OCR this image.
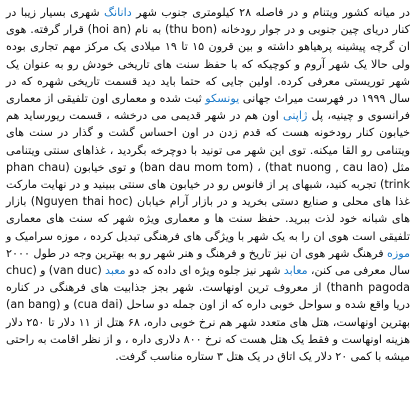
در میانه کشور ویتنام و در فاصله ۲۸ کیلومتری جنوب شهر دانانگ شهری بسیار زیبا در کنار دریای چین جنوبی و در جوار رودخانه (thu bon) به نام (hoi an) قرار گرفته. هوی ان گرچه پیشینه پرهیاهو داشته و بین قرون ۱۵ تا ۱۹ میلادی یک مرکز مهم تجاری بوده ولی حالا یک شهر آروم و کوچیکه که با حفظ سنت های تاریخی خودش رو به عنوان یک شهر توریستی معرفی کرده. اولین جایی که حتما باید دید قسمت تاریخی شهره که در سال ۱۹۹۹ در فهرست میراث جهانی یونسکو ثبت شده و معماری اون تلفیقی از معماری فرانسوی و چینیه، پل ژاپنی اون هم در شهر قدیمی می درخشه ، قسمت ریورساید هم خیابون کنار رودخونه هست که قدم زدن در اون احساس گشت و گذار در سنت های ویتنامی رو القا میکنه. توی این شهر می تونید با دوچرخه بگردید ، غذاهای سنتی ویتنامی مثل (that nuong , cau lao) ، (ban dau mom tom) و توی خیابون (phan chau trink) تجربه کنید، شبهای پر از فانوس رو در خیابون های سنتی ببینید و در نهایت مارکت غذا های محلی و صنایع دستی بخرید و در بازار آرام خیابان (Nguyen thai hoc) بازار های شبانه خود لذت ببرید. حفظ سنت ها و معماری ویژه شهر که سنت های معماری تلفیقی است هوی ان را به یک شهر با ویژگی های فرهنگی تبدیل کرده ، موزه سرامیک و موزه فرهنگ شهر هوی ان نیز تاریخ و فرهنگ و هنر شهر رو به بهترین وجه در طول ۲۰۰۰ سال معرفی می کنن، معابد شهر نیز جلوه ویژه ای داده که دو معبد (van duc) و (chuc thanh pagoda) از معروف ترین اونهاست. شهر بجز جذابیت های فرهنگی در کناره دریا واقع شده و سواحل خوبی داره که از اون جمله دو ساحل (cua dai) و (an bang) بهترین اونهاست، هتل های متعدد شهر هم نرخ خوبی داره، ۶۸ هتل از ۱۱ دلار تا ۲۵۰ دلار هزینه اونهاست و فقط یک هتل هست که نرخ ۸۰۰ دلاری داره ، و از نظر اقامت به راحتی میشه با کمی ۲۰ دلار یک اتاق در یک هتل ۳ ستاره مناسب گرفت.
